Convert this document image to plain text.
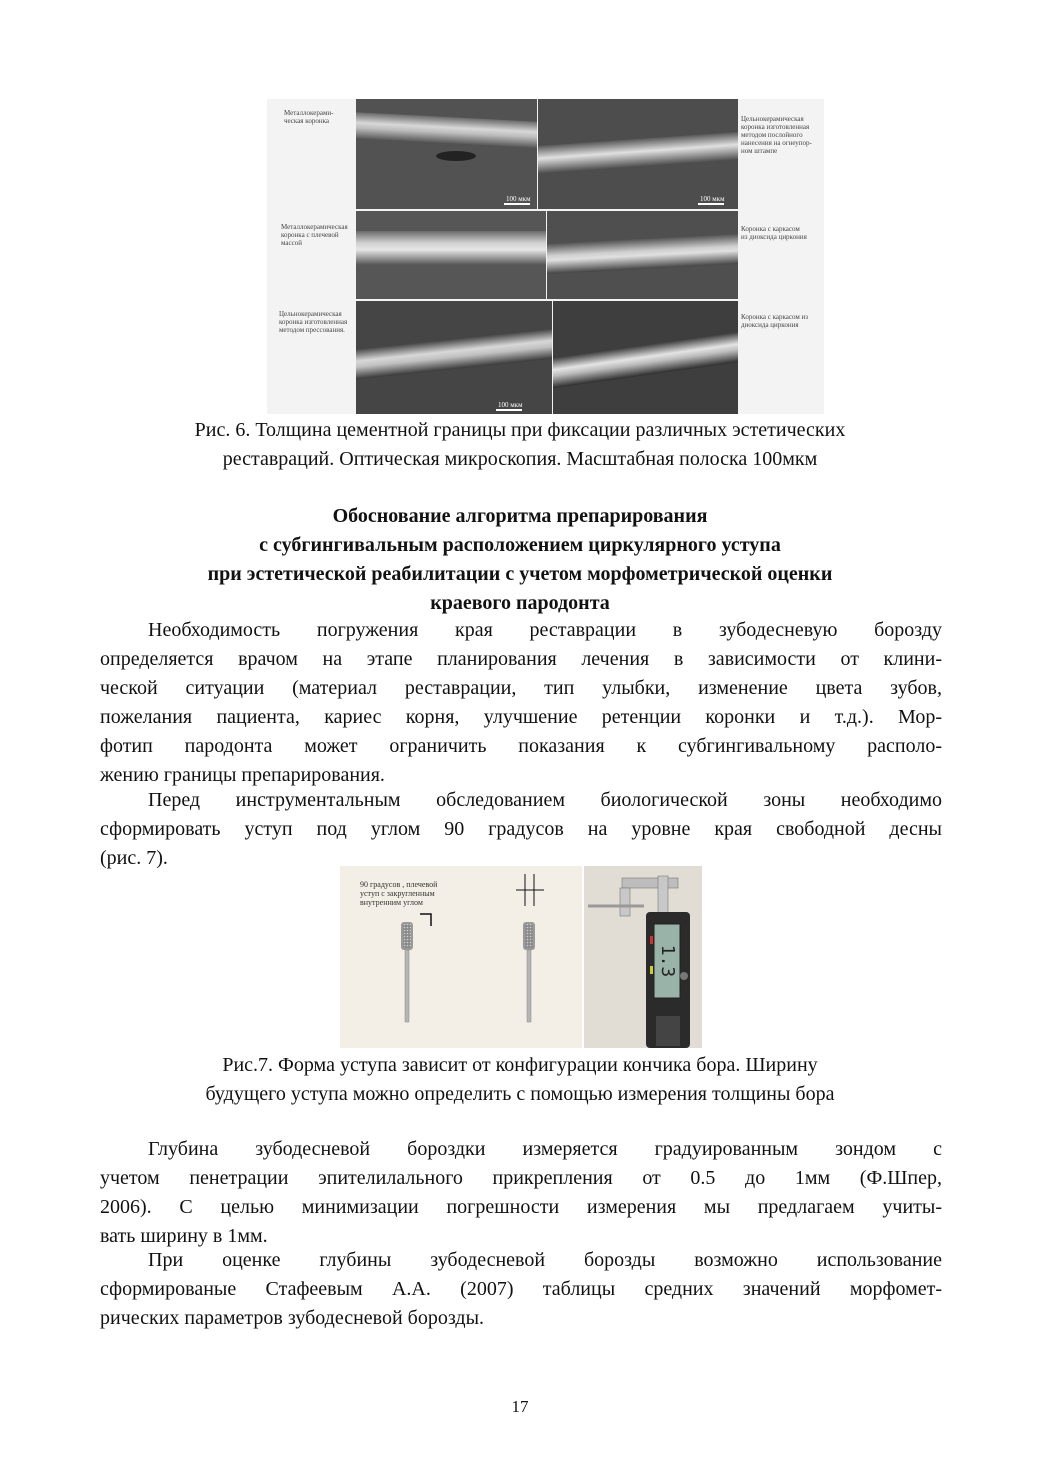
Металлокерами-
ческая коронка
Металлокерамическая
коронка с плечевой
массой
Цельнокерамическая
коронка изготовленная
методом прессования.
Цельнокерамическая
коронка изготовленная
методом послойного
нанесения на огнеупор-
ном штампе
Коронка с каркасом
из диоксида циркония
Коронка с каркасом из
диоксида циркония
100 мкм	100 мкм
100 мкм
Рис. 6. Толщина цементной границы при фиксации различных эстетических
реставраций. Оптическая микроскопия. Масштабная полоска 100мкм
Обоснование алгоритма препарирования
с субгингивальным расположением циркулярного уступа
при эстетической реабилитации с учетом морфометрической оценки
краевого пародонта
Необходимость погружения края реставрации в зубодесневую борозду
определяется врачом на этапе планирования лечения в зависимости от клини-
ческой ситуации (материал реставрации, тип улыбки, изменение цвета зубов,
пожелания пациента, кариес корня, улучшение ретенции коронки и т.д.). Мор-
фотип пародонта может ограничить показания к субгингивальному располо-
жению границы препарирования.
Перед инструментальным обследованием биологической зоны необходимо
сформировать уступ под углом 90 градусов на уровне края свободной десны
(рис. 7).
90 градусов , плечевой
уступ с закругленным
внутренним углом
1.3
Рис.7. Форма уступа зависит от конфигурации кончика бора. Ширину
будущего уступа можно определить с помощью измерения толщины бора
Глубина зубодесневой бороздки измеряется градуированным зондом с
учетом пенетрации эпителилального прикрепления от 0.5 до 1мм (Ф.Шпер,
2006). С целью минимизации погрешности измерения мы предлагаем учиты-
вать ширину в 1мм.
При оценке глубины зубодесневой борозды возможно использование
сформированые Стафеевым А.А. (2007) таблицы средних значений морфомет-
рических параметров зубодесневой борозды.
17
